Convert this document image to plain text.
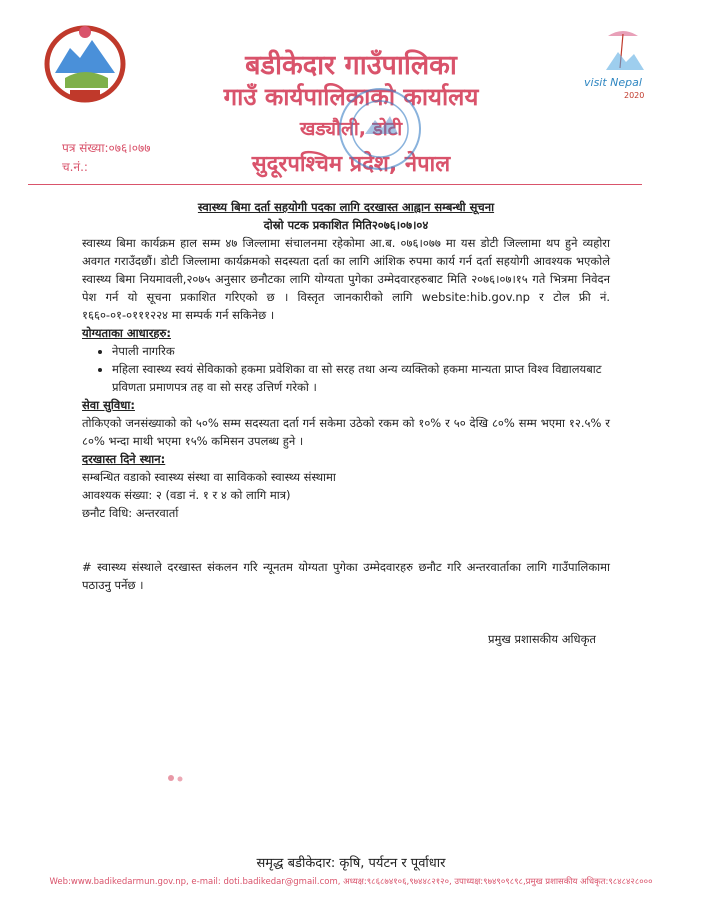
बडीकेदार गाउँपालिका
गाउँ कार्यपालिकाको कार्यालय
खड्यौली, डोटी
सुदूरपश्चिम प्रदेश, नेपाल
पत्र संख्या:०७६।०७७
च.नं.:
visit Nepal
2020
स्वास्थ्य बिमा दर्ता सहयोगी पदका लागि दरखास्त आह्वान सम्बन्धी सूचना
दोस्रो पटक प्रकाशित मिति२०७६।०७।०४

स्वास्थ्य बिमा कार्यक्रम हाल सम्म ४७ जिल्लामा संचालनमा रहेकोमा आ.ब. ०७६।०७७ मा यस डोटी जिल्लामा थप हुने व्यहोरा अवगत गराउँदछौं। डोटी जिल्लामा कार्यक्रमको सदस्यता दर्ता का लागि आंशिक रुपमा कार्य गर्न दर्ता सहयोगी आवश्यक भएकोले स्वास्थ्य बिमा नियमावली,२०७५ अनुसार छनौटका लागि योग्यता पुगेका उम्मेदवारहरुबाट मिति २०७६।०७।१५ गते भित्रमा निवेदन पेश गर्न यो सूचना प्रकाशित गरिएको छ । विस्तृत जानकारीको लागि website:hib.gov.np र टोल फ्री नं. १६६०-०१-०१११२२४ मा सम्पर्क गर्न सकिनेछ ।

योग्यताका आधारहरु:
• नेपाली नागरिक
• महिला स्वास्थ्य स्वयं सेविकाको हकमा प्रवेशिका वा सो सरह तथा अन्य व्यक्तिको हकमा मान्यता प्राप्त विश्व विद्यालयबाट प्रविणता प्रमाणपत्र तह वा सो सरह उत्तिर्ण गरेको ।
सेवा सुविधा:

तोकिएको जनसंख्याको को ५०% सम्म सदस्यता दर्ता गर्न सकेमा उठेको रकम को १०% र ५० देखि ८०% सम्म भएमा १२.५% र ८०% भन्दा माथी भएमा १५% कमिसन उपलब्ध हुने ।

दरखास्त दिने स्थान:
सम्बन्धित वडाको स्वास्थ्य संस्था वा साविकको स्वास्थ्य संस्थामा
आवश्यक संख्या: २ (वडा नं. १ र ४ को लागि मात्र)
छनौट विधि: अन्तरवार्ता

# स्वास्थ्य संस्थाले दरखास्त संकलन गरि न्यूनतम योग्यता पुगेका उम्मेदवारहरु छनौट गरि अन्तरवार्ताका लागि गाउँपालिकामा पठाउनु पर्नेछ ।

प्रमुख प्रशासकीय अधिकृत
समृद्ध बडीकेदार: कृषि, पर्यटन र पूर्वाधार
Web:www.badikedarmun.gov.np, e-mail: doti.badikedar@gmail.com, अध्यक्ष:९८६८७४१०६,९७४४८२१२०, उपाध्यक्ष:९७४९०९८९८,प्रमुख प्रशासकीय अधिकृत:९८४८४२८०००
